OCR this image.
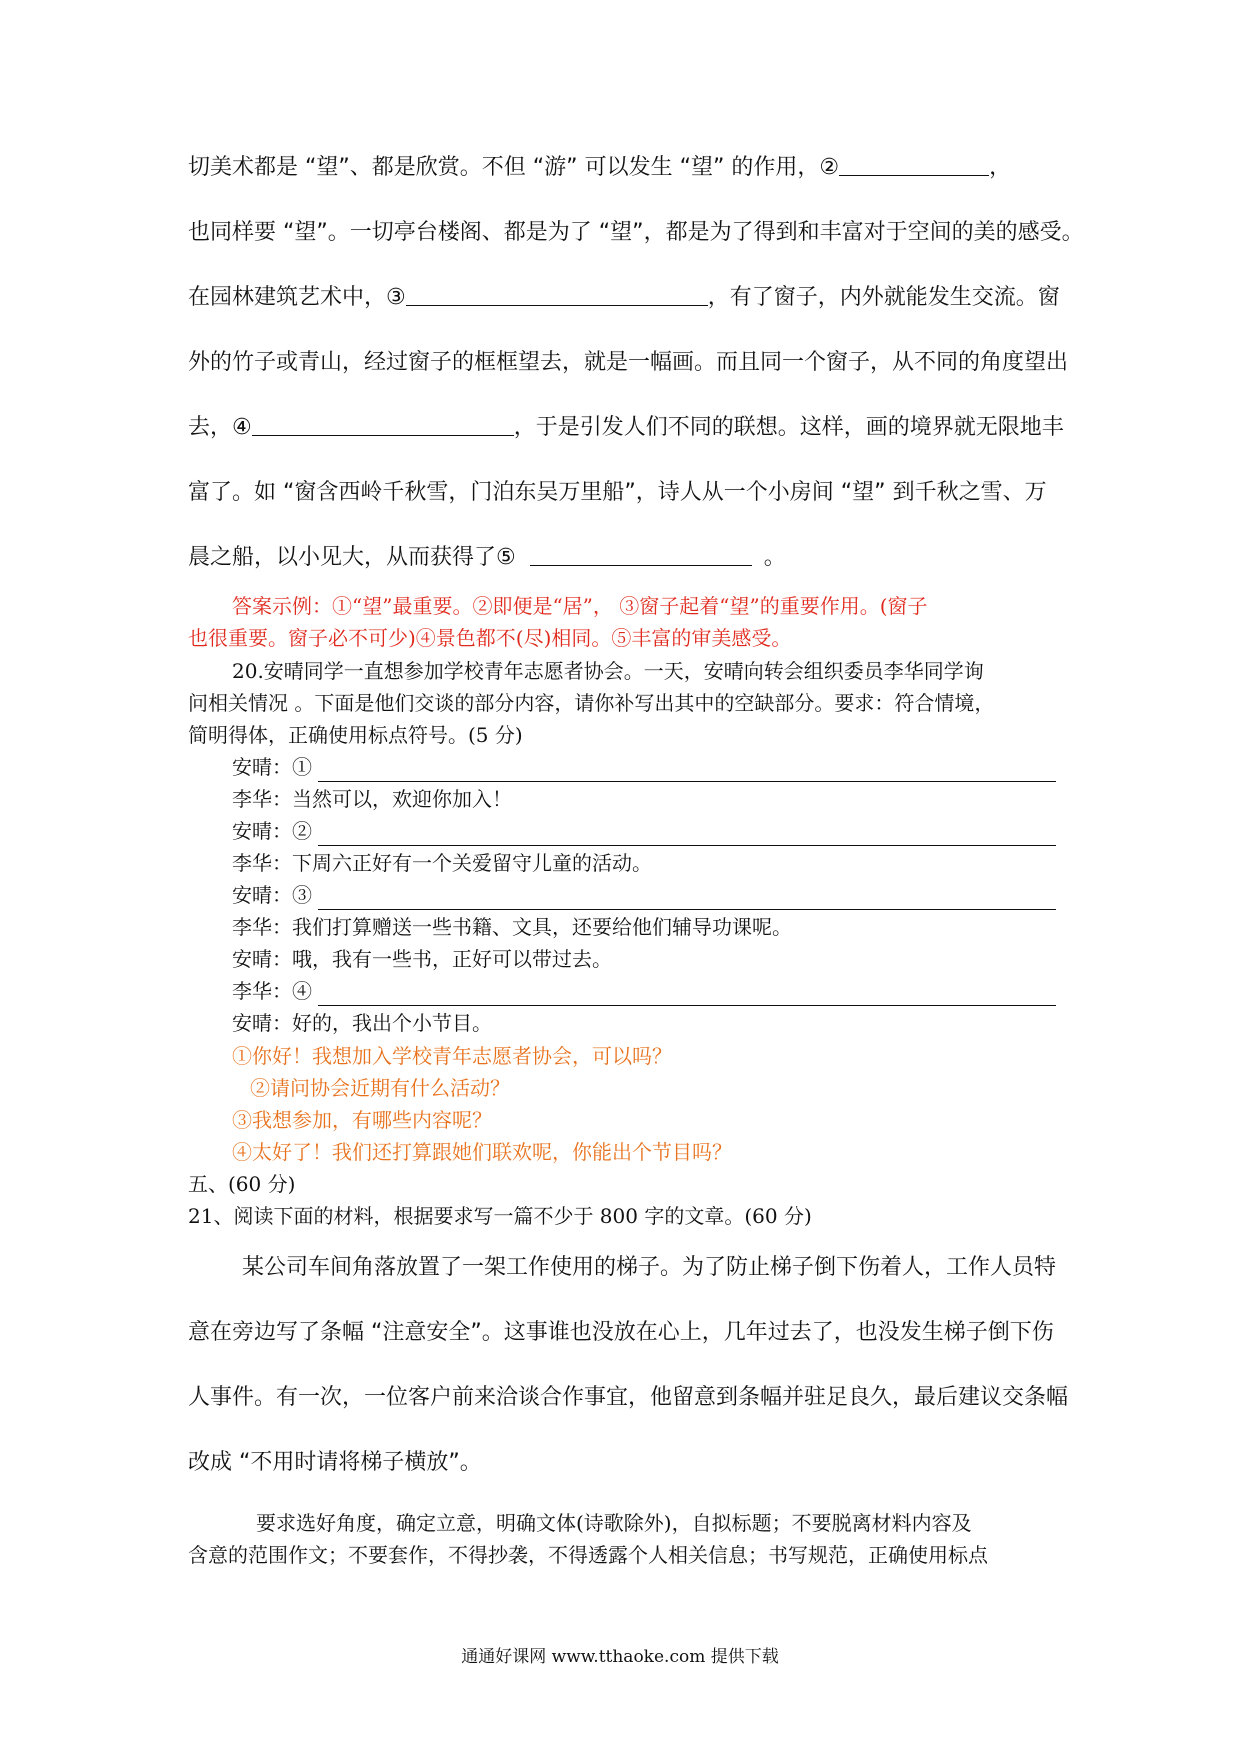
切美术都是 “望”、都是欣赏。不但 “游” 可以发生 “望” 的作用，②	，
也同样要 “望”。一切亭台楼阁、都是为了 “望”，都是为了得到和丰富对于空间的美的感受。
在园林建筑艺术中，③	，有了窗子，内外就能发生交流。窗
外的竹子或青山，经过窗子的框框望去，就是一幅画。而且同一个窗子，从不同的角度望出
去，④	，于是引发人们不同的联想。这样，画的境界就无限地丰
富了。如 “窗含西岭千秋雪，门泊东吴万里船”，诗人从一个小房间 “望” 到千秋之雪、万
晨之船，以小见大，从而获得了⑤	。
答案示例：①“望”最重要。②即便是“居”， ③窗子起着“望”的重要作用。(窗子
也很重要。窗子必不可少)④景色都不(尽)相同。⑤丰富的审美感受。
20.安晴同学一直想参加学校青年志愿者协会。一天，安晴向转会组织委员李华同学询
问相关情况 。下面是他们交谈的部分内容，请你补写出其中的空缺部分。要求：符合情境，
简明得体，正确使用标点符号。(5 分)
安晴：①
李华：当然可以，欢迎你加入！
安晴：②
李华：下周六正好有一个关爱留守儿童的活动。
安晴：③
李华：我们打算赠送一些书籍、文具，还要给他们辅导功课呢。
安晴：哦，我有一些书，正好可以带过去。
李华：④
安晴：好的，我出个小节目。
①你好！我想加入学校青年志愿者协会，可以吗？
②请问协会近期有什么活动？
③我想参加，有哪些内容呢？
④太好了！我们还打算跟她们联欢呢，你能出个节目吗？
五、(60 分)
21、阅读下面的材料，根据要求写一篇不少于 800 字的文章。(60 分)
某公司车间角落放置了一架工作使用的梯子。为了防止梯子倒下伤着人，工作人员特
意在旁边写了条幅 “注意安全”。这事谁也没放在心上，几年过去了，也没发生梯子倒下伤
人事件。有一次，一位客户前来洽谈合作事宜，他留意到条幅并驻足良久，最后建议交条幅
改成 “不用时请将梯子横放”。
要求选好角度，确定立意，明确文体(诗歌除外)，自拟标题；不要脱离材料内容及
含意的范围作文；不要套作，不得抄袭，不得透露个人相关信息；书写规范，正确使用标点
通通好课网 www.tthaoke.com 提供下载
